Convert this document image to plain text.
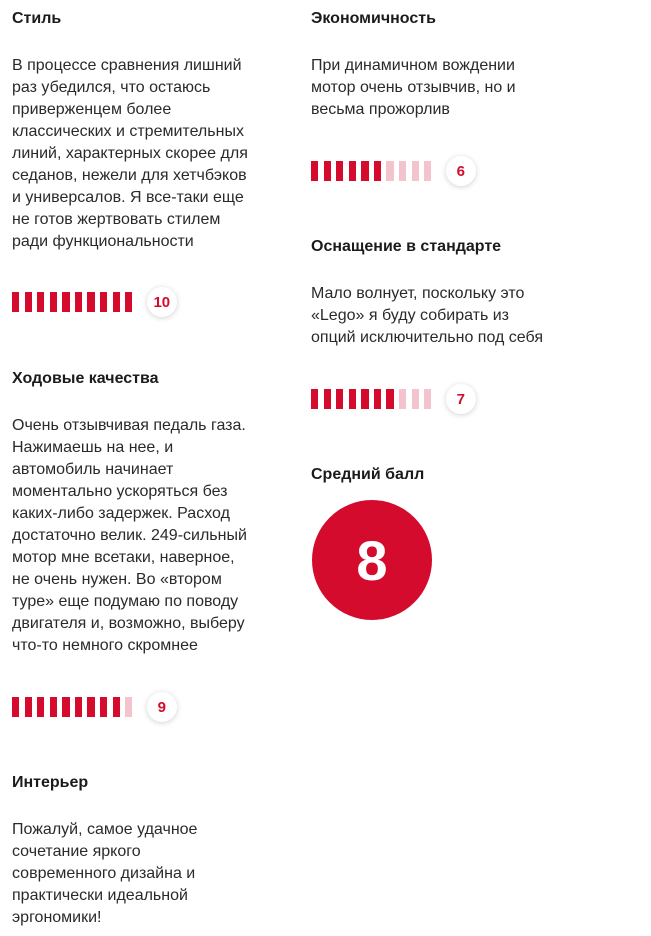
Стиль
В процессе сравнения лишний
раз убедился, что остаюсь
приверженцем более
классических и стремительных
линий, характерных скорее для
седанов, нежели для хетчбэков
и универсалов. Я все-таки еще
не готов жертвовать стилем
ради функциональности
10
Ходовые качества
Очень отзывчивая педаль газа.
Нажимаешь на нее, и
автомобиль начинает
моментально ускоряться без
каких-либо задержек. Расход
достаточно велик. 249-сильный
мотор мне всетаки, наверное,
не очень нужен. Во «втором
туре» еще подумаю по поводу
двигателя и, возможно, выберу
что-то немного скромнее
9
Интерьер
Пожалуй, самое удачное
сочетание яркого
современного дизайна и
практически идеальной
эргономики!
Экономичность
При динамичном вождении
мотор очень отзывчив, но и
весьма прожорлив
6
Оснащение в стандарте
Мало волнует, поскольку это
«Lego» я буду собирать из
опций исключительно под себя
7
Средний балл
8
